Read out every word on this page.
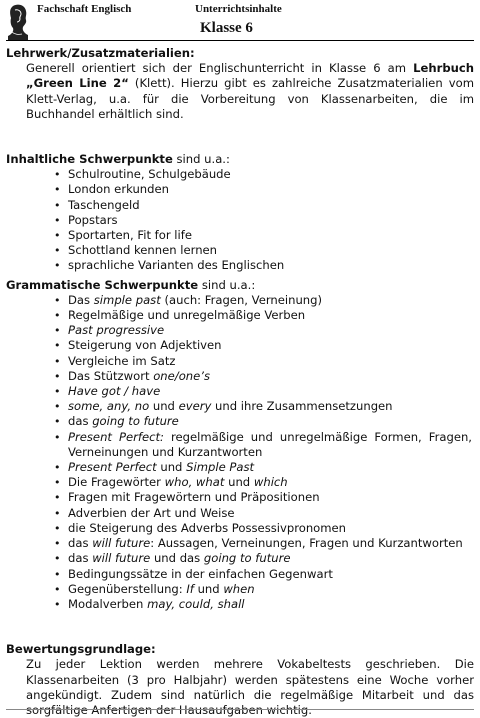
Fachschaft Englisch	Unterrichtsinhalte
Klasse 6
Lehrwerk/Zusatzmaterialien:

Generell orientiert sich der Englischunterricht in Klasse 6 am Lehrbuch „Green Line 2“ (Klett). Hierzu gibt es zahlreiche Zusatzmaterialien vom Klett-Verlag, u.a. für die Vorbereitung von Klassenarbeiten, die im Buchhandel erhältlich sind.

Inhaltliche Schwerpunkte sind u.a.:
• Schulroutine, Schulgebäude
• London erkunden
• Taschengeld
• Popstars
• Sportarten, Fit for life
• Schottland kennen lernen
• sprachliche Varianten des Englischen
Grammatische Schwerpunkte sind u.a.:
• Das simple past (auch: Fragen, Verneinung)
• Regelmäßige und unregelmäßige Verben
• Past progressive
• Steigerung von Adjektiven
• Vergleiche im Satz
• Das Stützwort one/one’s
• Have got / have
• some, any, no und every und ihre Zusammensetzungen
• das going to future
• Present Perfect: regelmäßige und unregelmäßige Formen, Fragen, Verneinungen und Kurzantworten
• Present Perfect und Simple Past
• Die Fragewörter who, what und which
• Fragen mit Fragewörtern und Präpositionen
• Adverbien der Art und Weise
• die Steigerung des Adverbs Possessivpronomen
• das will future: Aussagen, Verneinungen, Fragen und Kurzantworten
• das will future und das going to future
• Bedingungssätze in der einfachen Gegenwart
• Gegenüberstellung: If und when
• Modalverben may, could, shall
Bewertungsgrundlage:

Zu jeder Lektion werden mehrere Vokabeltests geschrieben. Die Klassenarbeiten (3 pro Halbjahr) werden spätestens eine Woche vorher angekündigt. Zudem sind natürlich die regelmäßige Mitarbeit und das
